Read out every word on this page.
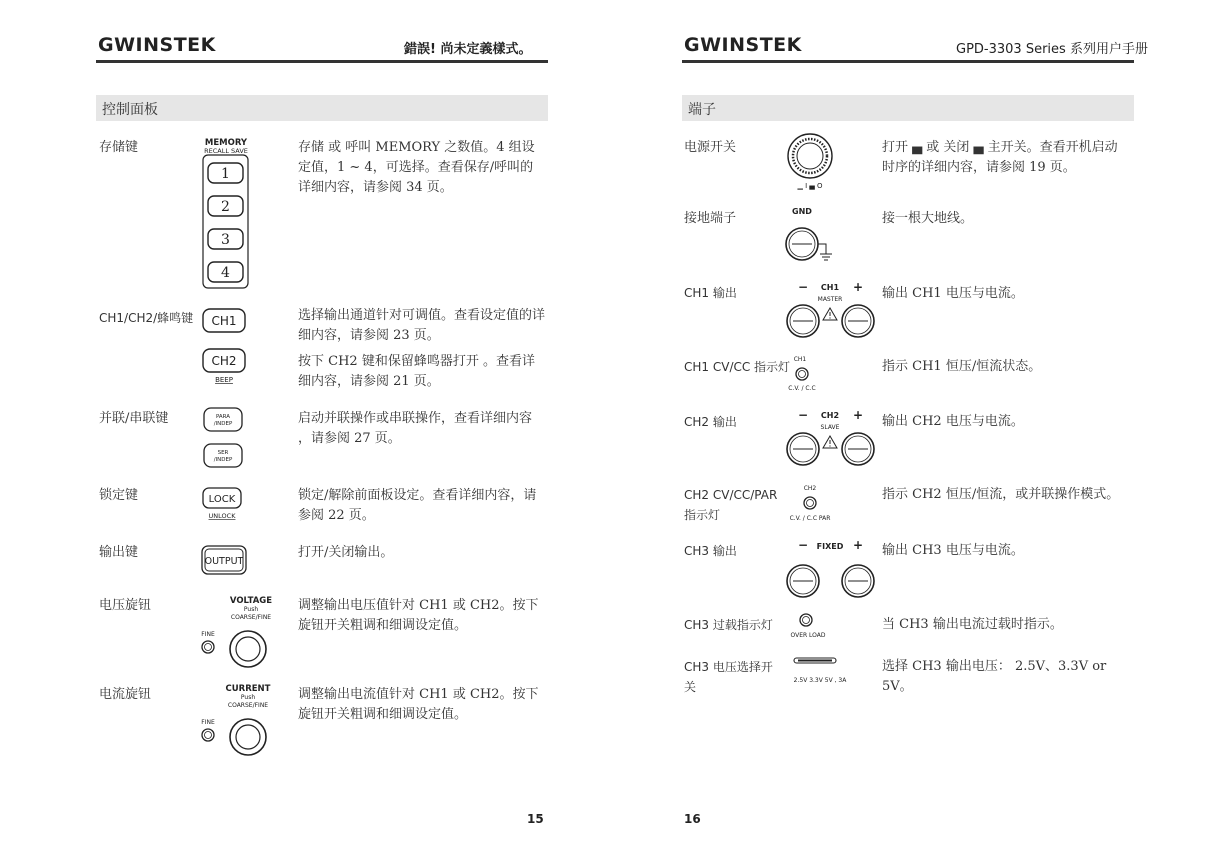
GWINSTEK	錯誤! 尚未定義樣式。
控制面板
存储键
CH1/CH2/蜂鸣键
并联/串联键
锁定键
输出键
电压旋钮
电流旋钮
存储 或 呼叫 MEMORY 之数值。4 组设定值，1 ~ 4，可选择。查看保存/呼叫的详细内容，请参阅 34 页。
选择输出通道针对可调值。查看设定值的详细内容，请参阅 23 页。
按下 CH2 键和保留蜂鸣器打开 。查看详细内容，请参阅 21 页。
启动并联操作或串联操作，查看详细内容 ，请参阅 27 页。
锁定/解除前面板设定。查看详细内容，请参阅 22 页。
打开/关闭输出。
调整输出电压值针对 CH1 或 CH2。按下旋钮开关粗调和细调设定值。
调整输出电流值针对 CH1 或 CH2。按下旋钮开关粗调和细调设定值。
MEMORY
RECALL SAVE
1
2
3
4
CH1
CH2
BEEP
PARA
/INDEP
SER
/INDEP
LOCK
UNLOCK
OUTPUT
VOLTAGE
Push
COARSE/FINE
FINE
CURRENT
Push
COARSE/FINE
FINE
15
GWINSTEK	GPD-3303 Series 系列用户手册
端子
电源开关
接地端子
CH1 输出
CH1 CV/CC 指示灯
CH2 输出
CH2 CV/CC/PAR 指示灯
CH3 输出
CH3 过载指示灯
CH3 电压选择开关
打开 ▄ 或 关闭 ▄ 主开关。查看开机启动时序的详细内容，请参阅 19 页。
接一根大地线。
输出 CH1 电压与电流。
指示 CH1 恒压/恒流状态。
输出 CH2 电压与电流。
指示 CH2 恒压/恒流，或并联操作模式。
输出 CH3 电压与电流。
当 CH3 输出电流过载时指示。
选择 CH3 输出电压： 2.5V、3.3V or 5V。
▁ I ▄ O
GND
− CH1 +
MASTER
CH1
C.V. / C.C
− CH2 +
SLAVE
CH2
C.V. / C.C PAR
− FIXED +
OVER LOAD
2.5V 3.3V 5V , 3A
16
